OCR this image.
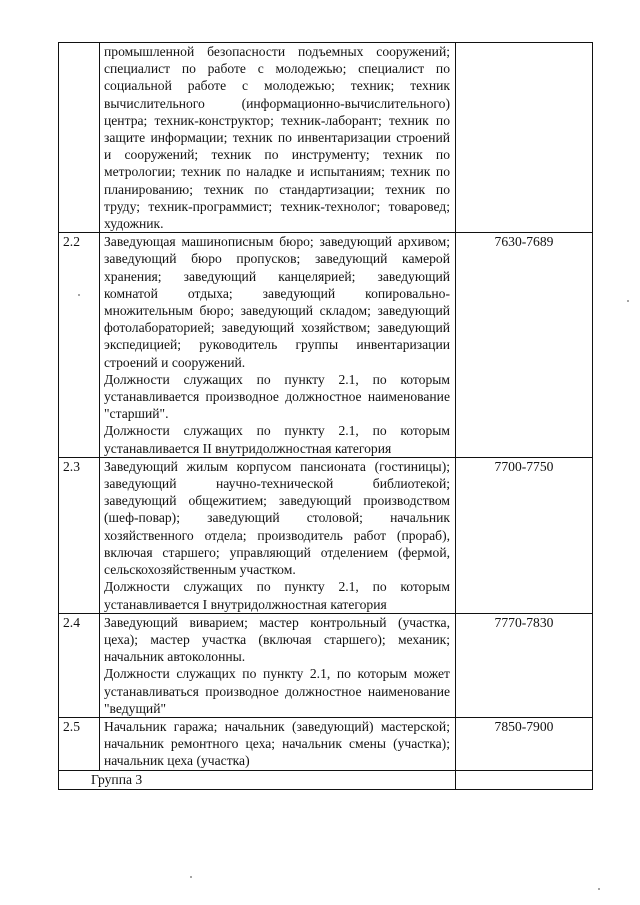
	промышленной безопасности подъемных сооружений; специалист по работе с молодежью; специалист по социальной работе с молодежью; техник; техник вычислительного (информационно-вычислительного) центра; техник-конструктор; техник-лаборант; техник по защите информации; техник по инвентаризации строений и сооружений; техник по инструменту; техник по метрологии; техник по наладке и испытаниям; техник по планированию; техник по стандартизации; техник по труду; техник-программист; техник-технолог; товаровед; художник.	

2.2	Заведующая машинописным бюро; заведующий архивом; заведующий бюро пропусков; заведующий камерой хранения; заведующий канцелярией; заведующий комнатой отдыха; заведующий копировально-множительным бюро; заведующий складом; заведующий фотолабораторией; заведующий хозяйством; заведующий экспедицией; руководитель группы инвентаризации строений и сооружений.

Должности служащих по пункту 2.1, по которым устанавливается производное должностное наименование "старший".

Должности служащих по пункту 2.1, по которым устанавливается II внутридолжностная категория	7630-7689
2.3	Заведующий жилым корпусом пансионата (гостиницы); заведующий научно-технической библиотекой; заведующий общежитием; заведующий производством (шеф-повар); заведующий столовой; начальник хозяйственного отдела; производитель работ (прораб), включая старшего; управляющий отделением (фермой, сельскохозяйственным участком.

Должности служащих по пункту 2.1, по которым устанавливается I внутридолжностная категория	7700-7750
2.4	Заведующий виварием; мастер контрольный (участка, цеха); мастер участка (включая старшего); механик; начальник автоколонны.

Должности служащих по пункту 2.1, по которым может устанавливаться производное должностное наименование "ведущий"	7770-7830
2.5	Начальник гаража; начальник (заведующий) мастерской; начальник ремонтного цеха; начальник смены (участка); начальник цеха (участка)	7850-7900
Группа 3		
